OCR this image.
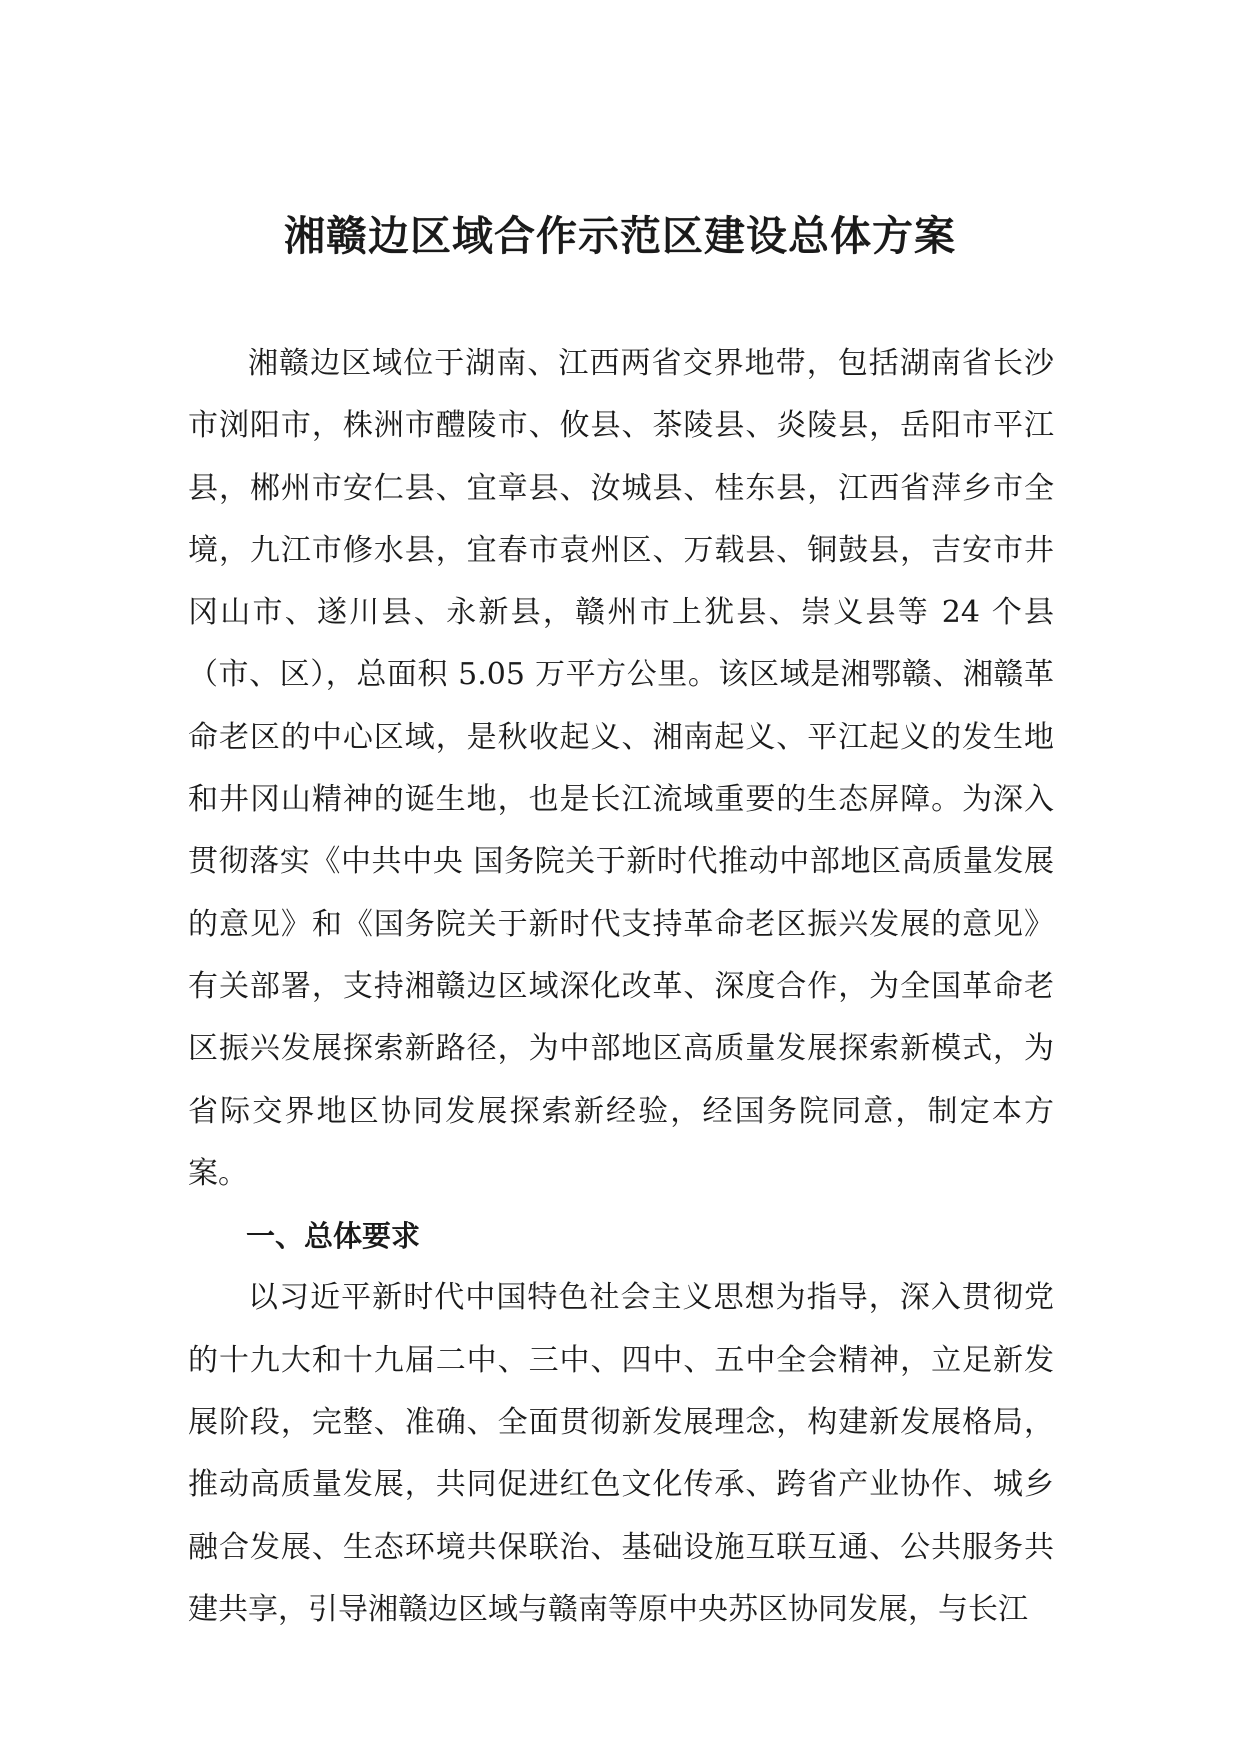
湘赣边区域合作示范区建设总体方案

湘赣边区域位于湖南、江西两省交界地带，包括湖南省长沙市浏阳市，株洲市醴陵市、攸县、茶陵县、炎陵县，岳阳市平江县，郴州市安仁县、宜章县、汝城县、桂东县，江西省萍乡市全境，九江市修水县，宜春市袁州区、万载县、铜鼓县，吉安市井冈山市、遂川县、永新县，赣州市上犹县、崇义县等 24 个县（市、区），总面积 5.05 万平方公里。该区域是湘鄂赣、湘赣革命老区的中心区域，是秋收起义、湘南起义、平江起义的发生地和井冈山精神的诞生地，也是长江流域重要的生态屏障。为深入贯彻落实《中共中央 国务院关于新时代推动中部地区高质量发展的意见》和《国务院关于新时代支持革命老区振兴发展的意见》有关部署，支持湘赣边区域深化改革、深度合作，为全国革命老区振兴发展探索新路径，为中部地区高质量发展探索新模式，为省际交界地区协同发展探索新经验，经国务院同意，制定本方案。

一、总体要求

以习近平新时代中国特色社会主义思想为指导，深入贯彻党的十九大和十九届二中、三中、四中、五中全会精神，立足新发展阶段，完整、准确、全面贯彻新发展理念，构建新发展格局，推动高质量发展，共同促进红色文化传承、跨省产业协作、城乡融合发展、生态环境共保联治、基础设施互联互通、公共服务共建共享，引导湘赣边区域与赣南等原中央苏区协同发展，与长江
